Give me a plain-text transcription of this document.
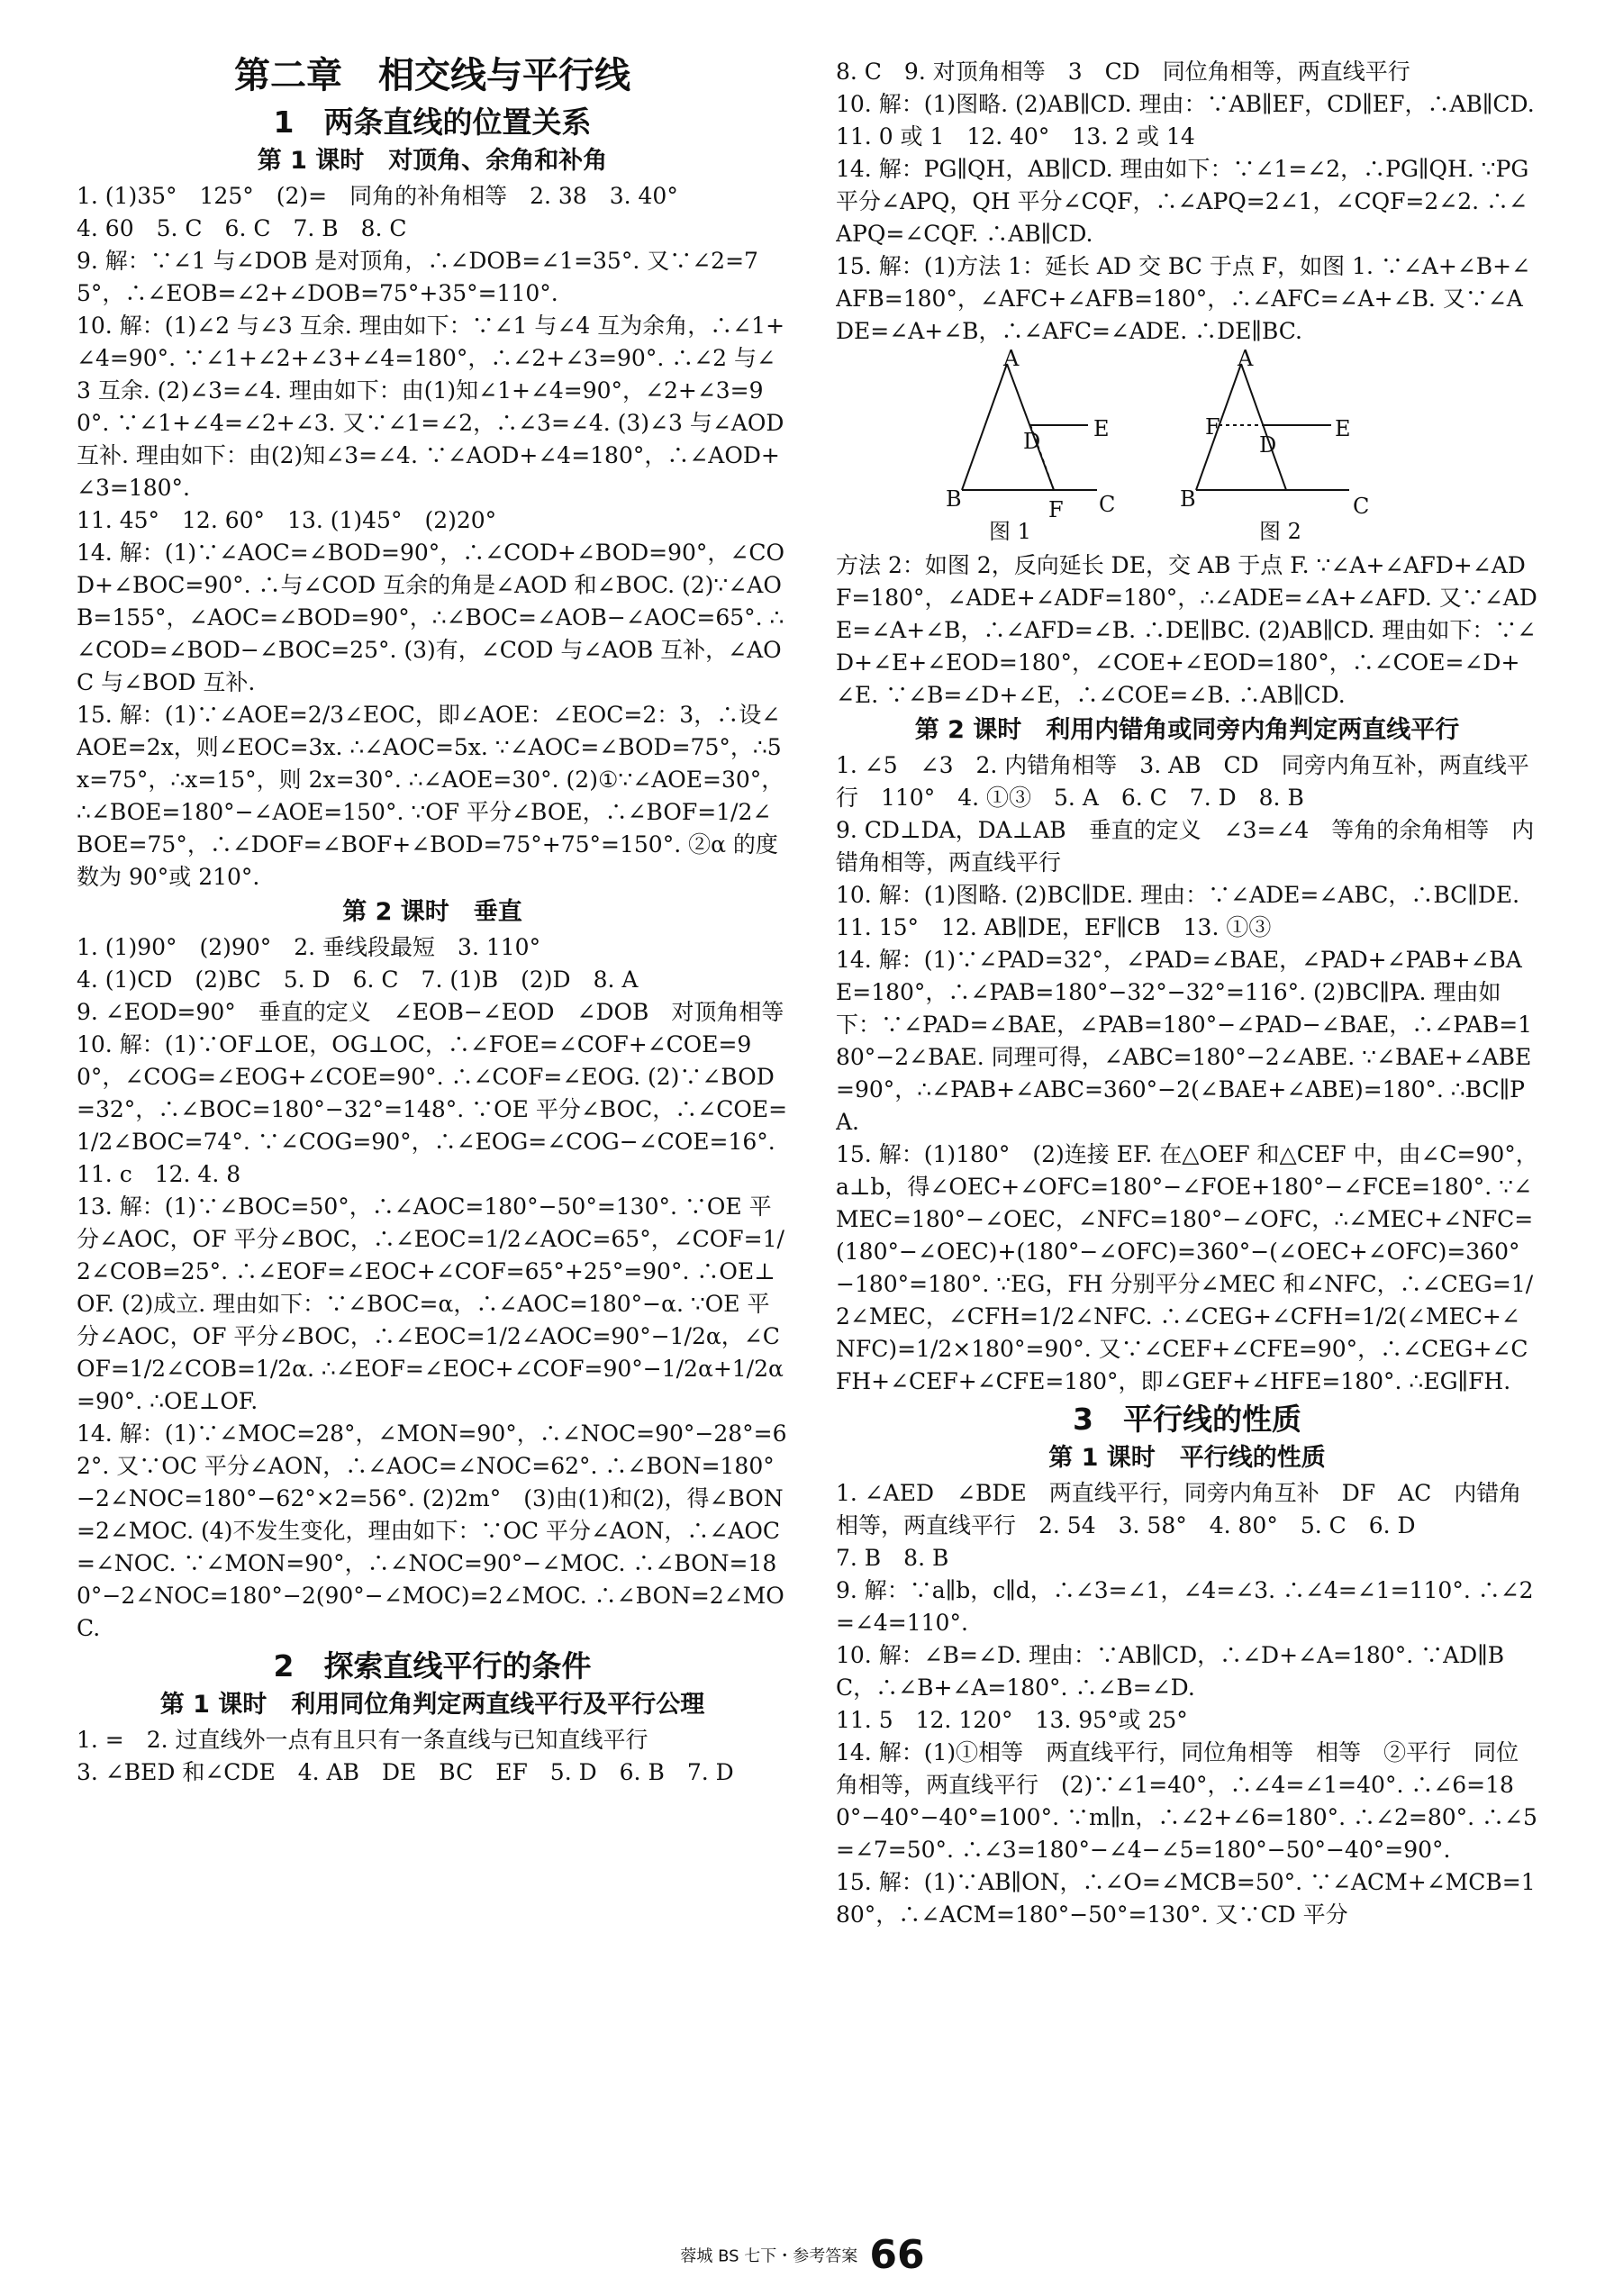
第二章　相交线与平行线
1　两条直线的位置关系
第 1 课时　对顶角、余角和补角

1. (1)35°　125°　(2)=　同角的补角相等　2. 38　3. 40°

4. 60　5. C　6. C　7. B　8. C

9. 解：∵∠1 与∠DOB 是对顶角，∴∠DOB=∠1=35°. 又∵∠2=75°，∴∠EOB=∠2+∠DOB=75°+35°=110°.

10. 解：(1)∠2 与∠3 互余. 理由如下：∵∠1 与∠4 互为余角，∴∠1+∠4=90°. ∵∠1+∠2+∠3+∠4=180°，∴∠2+∠3=90°. ∴∠2 与∠3 互余. (2)∠3=∠4. 理由如下：由(1)知∠1+∠4=90°，∠2+∠3=90°. ∵∠1+∠4=∠2+∠3. 又∵∠1=∠2，∴∠3=∠4. (3)∠3 与∠AOD 互补. 理由如下：由(2)知∠3=∠4. ∵∠AOD+∠4=180°，∴∠AOD+∠3=180°.

11. 45°　12. 60°　13. (1)45°　(2)20°

14. 解：(1)∵∠AOC=∠BOD=90°，∴∠COD+∠BOD=90°，∠COD+∠BOC=90°. ∴与∠COD 互余的角是∠AOD 和∠BOC. (2)∵∠AOB=155°，∠AOC=∠BOD=90°，∴∠BOC=∠AOB−∠AOC=65°. ∴∠COD=∠BOD−∠BOC=25°. (3)有，∠COD 与∠AOB 互补，∠AOC 与∠BOD 互补.

15. 解：(1)∵∠AOE=2/3∠EOC，即∠AOE：∠EOC=2：3，∴设∠AOE=2x，则∠EOC=3x. ∴∠AOC=5x. ∵∠AOC=∠BOD=75°，∴5x=75°，∴x=15°，则 2x=30°. ∴∠AOE=30°. (2)①∵∠AOE=30°，∴∠BOE=180°−∠AOE=150°. ∵OF 平分∠BOE，∴∠BOF=1/2∠BOE=75°，∴∠DOF=∠BOF+∠BOD=75°+75°=150°. ②α 的度数为 90°或 210°.

第 2 课时　垂直

1. (1)90°　(2)90°　2. 垂线段最短　3. 110°

4. (1)CD　(2)BC　5. D　6. C　7. (1)B　(2)D　8. A

9. ∠EOD=90°　垂直的定义　∠EOB−∠EOD　∠DOB　对顶角相等

10. 解：(1)∵OF⊥OE，OG⊥OC，∴∠FOE=∠COF+∠COE=90°，∠COG=∠EOG+∠COE=90°. ∴∠COF=∠EOG. (2)∵∠BOD=32°，∴∠BOC=180°−32°=148°. ∵OE 平分∠BOC，∴∠COE=1/2∠BOC=74°. ∵∠COG=90°，∴∠EOG=∠COG−∠COE=16°.

11. c　12. 4. 8

13. 解：(1)∵∠BOC=50°，∴∠AOC=180°−50°=130°. ∵OE 平分∠AOC，OF 平分∠BOC，∴∠EOC=1/2∠AOC=65°，∠COF=1/2∠COB=25°. ∴∠EOF=∠EOC+∠COF=65°+25°=90°. ∴OE⊥OF. (2)成立. 理由如下：∵∠BOC=α，∴∠AOC=180°−α. ∵OE 平分∠AOC，OF 平分∠BOC，∴∠EOC=1/2∠AOC=90°−1/2α，∠COF=1/2∠COB=1/2α. ∴∠EOF=∠EOC+∠COF=90°−1/2α+1/2α=90°. ∴OE⊥OF.

14. 解：(1)∵∠MOC=28°，∠MON=90°，∴∠NOC=90°−28°=62°. 又∵OC 平分∠AON，∴∠AOC=∠NOC=62°. ∴∠BON=180°−2∠NOC=180°−62°×2=56°. (2)2m°　(3)由(1)和(2)，得∠BON=2∠MOC. (4)不发生变化，理由如下：∵OC 平分∠AON，∴∠AOC=∠NOC. ∵∠MON=90°，∴∠NOC=90°−∠MOC. ∴∠BON=180°−2∠NOC=180°−2(90°−∠MOC)=2∠MOC. ∴∠BON=2∠MOC.

2　探索直线平行的条件
第 1 课时　利用同位角判定两直线平行及平行公理

1. =　2. 过直线外一点有且只有一条直线与已知直线平行

3. ∠BED 和∠CDE　4. AB　DE　BC　EF　5. D　6. B　7. D

8. C　9. 对顶角相等　3　CD　同位角相等，两直线平行

10. 解：(1)图略. (2)AB∥CD. 理由：∵AB∥EF，CD∥EF，∴AB∥CD.

11. 0 或 1　12. 40°　13. 2 或 14

14. 解：PG∥QH，AB∥CD. 理由如下：∵∠1=∠2，∴PG∥QH. ∵PG 平分∠APQ，QH 平分∠CQF，∴∠APQ=2∠1，∠CQF=2∠2. ∴∠APQ=∠CQF. ∴AB∥CD.

15. 解：(1)方法 1：延长 AD 交 BC 于点 F，如图 1. ∵∠A+∠B+∠AFB=180°，∠AFC+∠AFB=180°，∴∠AFC=∠A+∠B. 又∵∠ADE=∠A+∠B，∴∠AFC=∠ADE. ∴DE∥BC.

A
D E
B	F C
A
F
D
E
B	C
图 1	图 2

方法 2：如图 2，反向延长 DE，交 AB 于点 F. ∵∠A+∠AFD+∠ADF=180°，∠ADE+∠ADF=180°，∴∠ADE=∠A+∠AFD. 又∵∠ADE=∠A+∠B，∴∠AFD=∠B. ∴DE∥BC. (2)AB∥CD. 理由如下：∵∠D+∠E+∠EOD=180°，∠COE+∠EOD=180°，∴∠COE=∠D+∠E. ∵∠B=∠D+∠E，∴∠COE=∠B. ∴AB∥CD.

第 2 课时　利用内错角或同旁内角判定两直线平行

1. ∠5　∠3　2. 内错角相等　3. AB　CD　同旁内角互补，两直线平行　110°　4. ①③　5. A　6. C　7. D　8. B

9. CD⊥DA，DA⊥AB　垂直的定义　∠3=∠4　等角的余角相等　内错角相等，两直线平行

10. 解：(1)图略. (2)BC∥DE. 理由：∵∠ADE=∠ABC，∴BC∥DE.

11. 15°　12. AB∥DE，EF∥CB　13. ①③

14. 解：(1)∵∠PAD=32°，∠PAD=∠BAE，∠PAD+∠PAB+∠BAE=180°，∴∠PAB=180°−32°−32°=116°. (2)BC∥PA. 理由如下：∵∠PAD=∠BAE，∠PAB=180°−∠PAD−∠BAE，∴∠PAB=180°−2∠BAE. 同理可得，∠ABC=180°−2∠ABE. ∵∠BAE+∠ABE=90°，∴∠PAB+∠ABC=360°−2(∠BAE+∠ABE)=180°. ∴BC∥PA.

15. 解：(1)180°　(2)连接 EF. 在△OEF 和△CEF 中，由∠C=90°，a⊥b，得∠OEC+∠OFC=180°−∠FOE+180°−∠FCE=180°. ∵∠MEC=180°−∠OEC，∠NFC=180°−∠OFC，∴∠MEC+∠NFC=(180°−∠OEC)+(180°−∠OFC)=360°−(∠OEC+∠OFC)=360°−180°=180°. ∵EG，FH 分别平分∠MEC 和∠NFC，∴∠CEG=1/2∠MEC，∠CFH=1/2∠NFC. ∴∠CEG+∠CFH=1/2(∠MEC+∠NFC)=1/2×180°=90°. 又∵∠CEF+∠CFE=90°，∴∠CEG+∠CFH+∠CEF+∠CFE=180°，即∠GEF+∠HFE=180°. ∴EG∥FH.

3　平行线的性质
第 1 课时　平行线的性质

1. ∠AED　∠BDE　两直线平行，同旁内角互补　DF　AC　内错角相等，两直线平行　2. 54　3. 58°　4. 80°　5. C　6. D

7. B　8. B

9. 解：∵a∥b，c∥d，∴∠3=∠1，∠4=∠3. ∴∠4=∠1=110°. ∴∠2=∠4=110°.

10. 解：∠B=∠D. 理由：∵AB∥CD，∴∠D+∠A=180°. ∵AD∥BC，∴∠B+∠A=180°. ∴∠B=∠D.

11. 5　12. 120°　13. 95°或 25°

14. 解：(1)①相等　两直线平行，同位角相等　相等　②平行　同位角相等，两直线平行　(2)∵∠1=40°，∴∠4=∠1=40°. ∴∠6=180°−40°−40°=100°. ∵m∥n，∴∠2+∠6=180°. ∴∠2=80°. ∴∠5=∠7=50°. ∴∠3=180°−∠4−∠5=180°−50°−40°=90°.

15. 解：(1)∵AB∥ON，∴∠O=∠MCB=50°. ∵∠ACM+∠MCB=180°，∴∠ACM=180°−50°=130°. 又∵CD 平分

蓉城 BS 七下・参考答案 66
